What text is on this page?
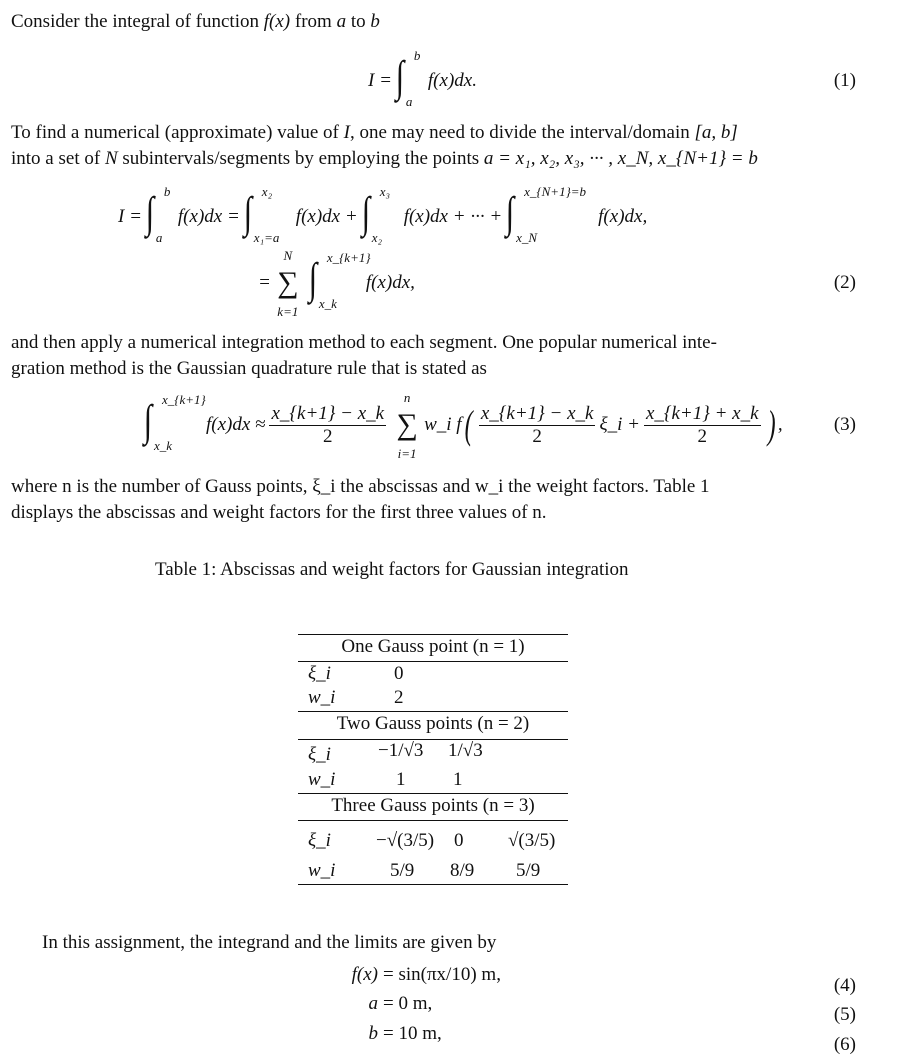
Consider the integral of function f(x) from a to b
I = ∫ b
a
f(x)dx.	(1)
To find a numerical (approximate) value of I, one may need to divide the interval/domain [a, b]
into a set of N subintervals/segments by employing the points a = x₁, x₂, x₃, ··· , x_N, x_{N+1} = b
I = ∫ b
a
f(x)dx
= ∫ x₂
x₁=a
f(x)dx
+ ∫ x₃
x₂
f(x)dx
+ ··· + ∫ x_{N+1}=b
x_N
f(x)dx,
= ∑
N
k=1
∫ x_{k+1}
x_k
f(x)dx,	(2)
and then apply a numerical integration method to each segment. One popular numerical inte-
gration method is the Gaussian quadrature rule that is stated as
∫ x_{k+1}
x_k
$f(x)dx \approx \frac{x\_\{k+1\} - x\_k}{2}$ ∑
n
i=1
w_i f ( x_{k+1} − x_k
2
ξ_i + $\frac{x\_\{k+1\} + x\_k}{2}$ ) ,	(3)
where n is the number of Gauss points, ξ_i the abscissas and w_i the weight factors. Table 1
displays the abscissas and weight factors for the first three values of n.
Table 1: Abscissas and weight factors for Gaussian integration
One Gauss point (n = 1)
ξ_i	0
w_i	2
Two Gauss points (n = 2)
ξ_i −1/√3 1/√3
w_i	1	1
Three Gauss points (n = 3)
ξ_i −√(3/5) 0 √(3/5)
w_i	5/9 8/9 5/9
In this assignment, the integrand and the limits are given by
f(x) = sin(πx/10) m,
(4)
a = 0 m,
(5)
b = 10 m,
(6)
